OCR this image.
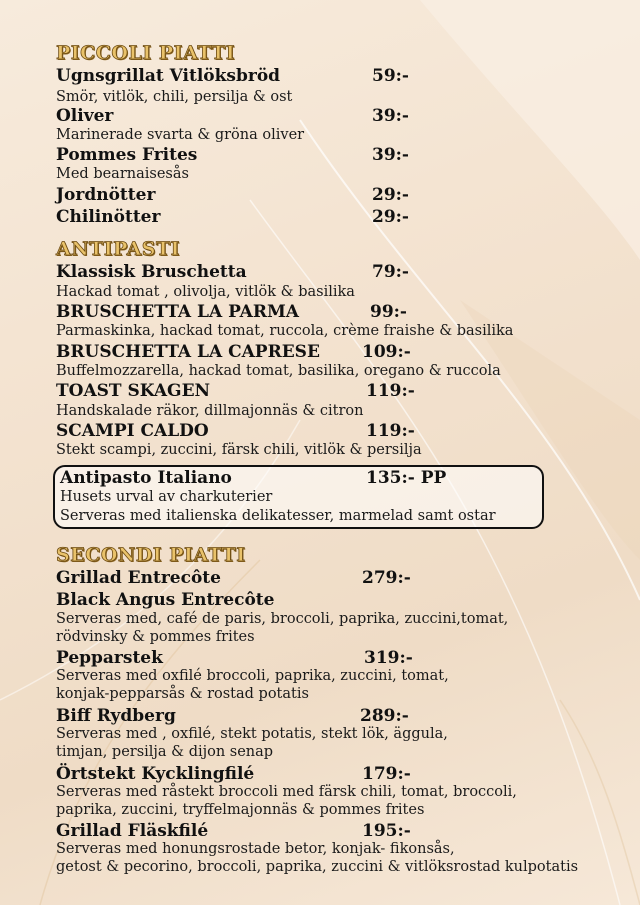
PICCOLI PIATTI
Ugnsgrillat Vitlöksbröd	59:-
Smör, vitlök, chili, persilja & ost
Oliver	39:-
Marinerade svarta & gröna oliver
Pommes Frites	39:-
Med bearnaisesås
Jordnötter	29:-
Chilinötter	29:-
ANTIPASTI
Klassisk Bruschetta	79:-
Hackad tomat , olivolja, vitlök & basilika
BRUSCHETTA LA PARMA	99:-
Parmaskinka, hackad tomat, ruccola, crème fraishe & basilika
BRUSCHETTA LA CAPRESE 109:-
Buffelmozzarella, hackad tomat, basilika, oregano & ruccola
TOAST SKAGEN	119:-
Handskalade räkor, dillmajonnäs & citron
SCAMPI CALDO	119:-
Stekt scampi, zuccini, färsk chili, vitlök & persilja
Antipasto Italiano	135:- PP
Husets urval av charkuterier
Serveras med italienska delikatesser, marmelad samt ostar
SECONDI PIATTI
Grillad Entrecôte	279:-
Black Angus Entrecôte
Serveras med, café de paris, broccoli, paprika, zuccini,tomat,
rödvinsky & pommes frites
Pepparstek	319:-
Serveras med oxfilé broccoli, paprika, zuccini, tomat,
konjak-pepparsås & rostad potatis
Biff Rydberg	289:-
Serveras med , oxfilé, stekt potatis, stekt lök, äggula,
timjan, persilja & dijon senap
Örtstekt Kycklingfilé	179:-
Serveras med råstekt broccoli med färsk chili, tomat, broccoli,
paprika, zuccini, tryffelmajonnäs & pommes frites
Grillad Fläskfilé	195:-
Serveras med honungsrostade betor, konjak- fikonsås,
getost & pecorino, broccoli, paprika, zuccini & vitlöksrostad kulpotatis
